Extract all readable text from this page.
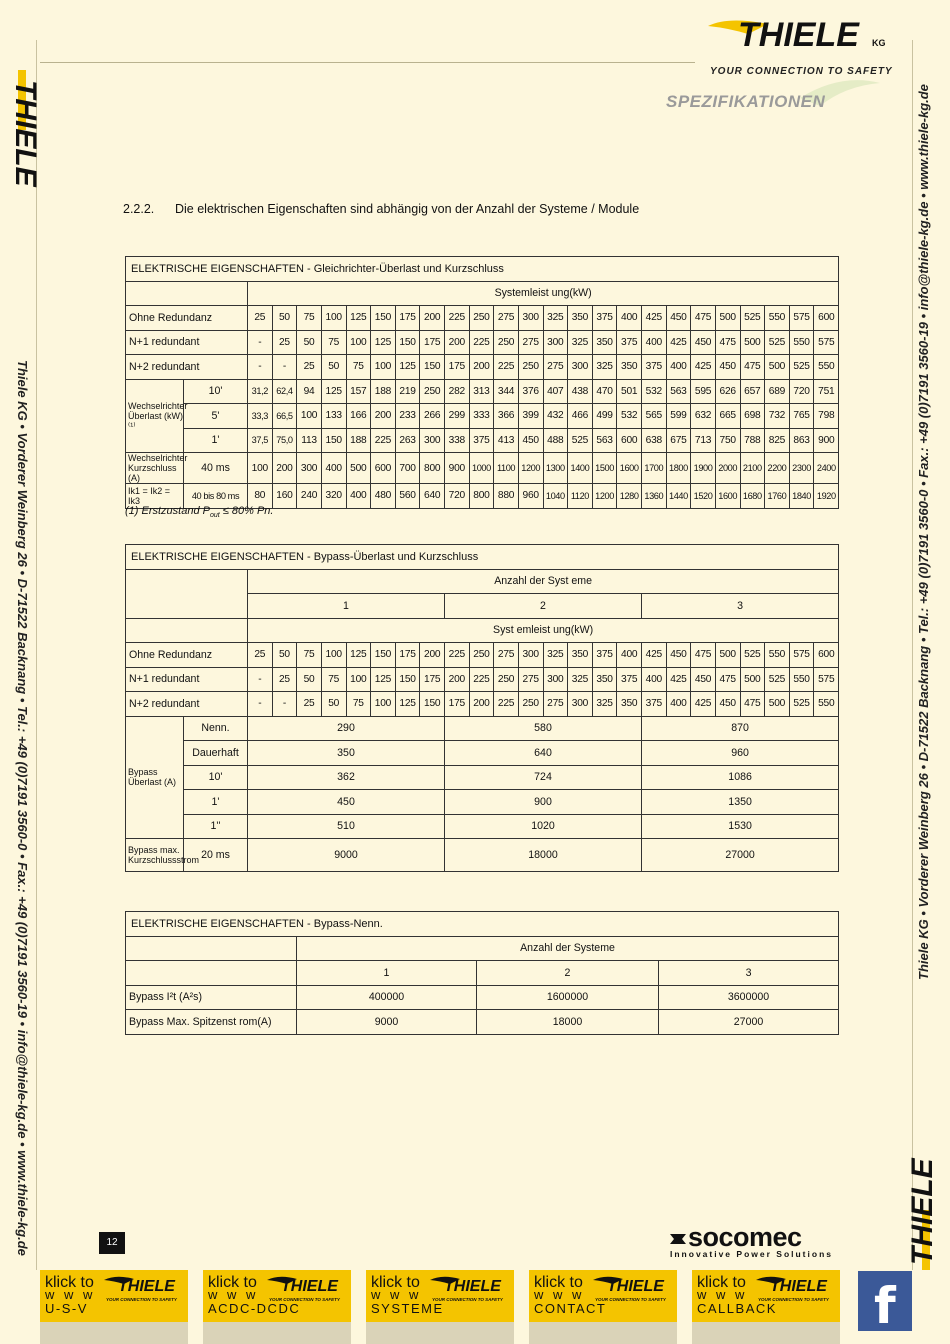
THIELE KG
YOUR CONNECTION TO SAFETY
SPEZIFIKATIONEN
THIELE
Thiele KG • Vorderer Weinberg 26 • D-71522 Backnang • Tel.: +49 (0)7191 3560-0 • Fax.: +49 (0)7191 3560-19 • info@thiele-kg.de • www.thiele-kg.de	Thiele KG • Vorderer Weinberg 26 • D-71522 Backnang • Tel.: +49 (0)7191 3560-0 • Fax.: +49 (0)7191 3560-19 • info@thiele-kg.de • www.thiele-kg.de
THIELE
2.2.2. Die elektrischen Eigenschaften sind abhängig von der Anzahl der Systeme / Module
ELEKTRISCHE EIGENSCHAFTEN - Gleichrichter-Überlast und Kurzschluss																									
		Systemleist ung(kW)																							
Ohne Redundanz		25	50	75	100	125	150	175	200	225	250	275	300	325	350	375	400	425	450	475	500	525	550	575	600
N+1 redundant		-	25	50	75	100	125	150	175	200	225	250	275	300	325	350	375	400	425	450	475	500	525	550	575
N+2 redundant		-	-	25	50	75	100	125	150	175	200	225	250	275	300	325	350	375	400	425	450	475	500	525	550
Wechselrichter Überlast (kW)⁽¹⁾	10'	31,2	62,4	94	125	157	188	219	250	282	313	344	376	407	438	470	501	532	563	595	626	657	689	720	751
	5'	33,3	66,5	100	133	166	200	233	266	299	333	366	399	432	466	499	532	565	599	632	665	698	732	765	798
	1'	37,5	75,0	113	150	188	225	263	300	338	375	413	450	488	525	563	600	638	675	713	750	788	825	863	900
Wechselrichter Kurzschluss (A)	40 ms	100	200	300	400	500	600	700	800	900	1000	1100	1200	1300	1400	1500	1600	1700	1800	1900	2000	2100	2200	2300	2400
Ik1 = Ik2 = Ik3	40 bis 80 ms	80	160	240	320	400	480	560	640	720	800	880	960	1040	1120	1200	1280	1360	1440	1520	1600	1680	1760	1840	1920
(1) Erstzustand $P_{out} \le 80\%$ Pn.
ELEKTRISCHE EIGENSCHAFTEN - Bypass-Überlast und Kurzschluss																									
		Anzahl der Syst eme																							
		1								2								3							
		Syst emleist ung(kW)																							
Ohne Redundanz		25	50	75	100	125	150	175	200	225	250	275	300	325	350	375	400	425	450	475	500	525	550	575	600
N+1 redundant		-	25	50	75	100	125	150	175	200	225	250	275	300	325	350	375	400	425	450	475	500	525	550	575
N+2 redundant		-	-	25	50	75	100	125	150	175	200	225	250	275	300	325	350	375	400	425	450	475	500	525	550
Bypass Überlast (A)	Nenn.	290								580								870							
	Dauerhaft	350								640								960							
	10'	362								724								1086							
	1'	450								900								1350							
	1''	510								1020								1530							
Bypass max. Kurzschlussstrom	20 ms	9000								18000								27000							
ELEKTRISCHE EIGENSCHAFTEN - Bypass-Nenn.			
	Anzahl der Systeme		
	1	2	3
Bypass I²t (A²s)	400000	1600000	3600000
Bypass Max. Spitzenst rom(A)	9000	18000	27000
12	socomec
Innovative Power Solutions
klick to
w w w
U-S-V
THIELE
YOUR CONNECTION TO SAFETY
klick to
w w w
ACDC-DCDC
THIELE
YOUR CONNECTION TO SAFETY
klick to
w w w
SYSTEME
THIELE
YOUR CONNECTION TO SAFETY
klick to
w w w
CONTACT
THIELE
YOUR CONNECTION TO SAFETY
klick to
w w w
CALLBACK
THIELE
YOUR CONNECTION TO SAFETY f
